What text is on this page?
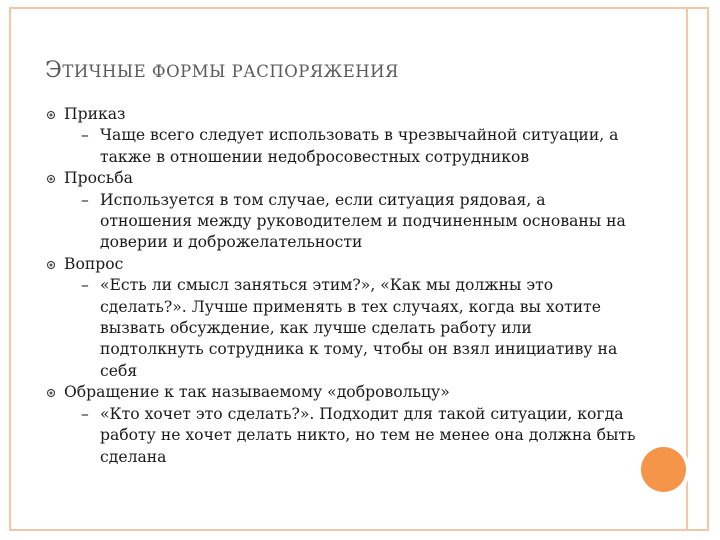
ЭТИЧНЫЕ ФОРМЫ РАСПОРЯЖЕНИЯ
Приказ
– Чаще всего следует использовать в чрезвычайной ситуации, а также в отношении недобросовестных сотрудников
Просьба
– Используется в том случае, если ситуация рядовая, а отношения между руководителем и подчиненным основаны на доверии и доброжелательности
Вопрос
– «Есть ли смысл заняться этим?», «Как мы должны это сделать?». Лучше применять в тех случаях, когда вы хотите вызвать обсуждение, как лучше сделать работу или подтолкнуть сотрудника к тому, чтобы он взял инициативу на себя
Обращение к так называемому «добровольцу»
– «Кто хочет это сделать?». Подходит для такой ситуации, когда работу не хочет делать никто, но тем не менее она должна быть сделана
